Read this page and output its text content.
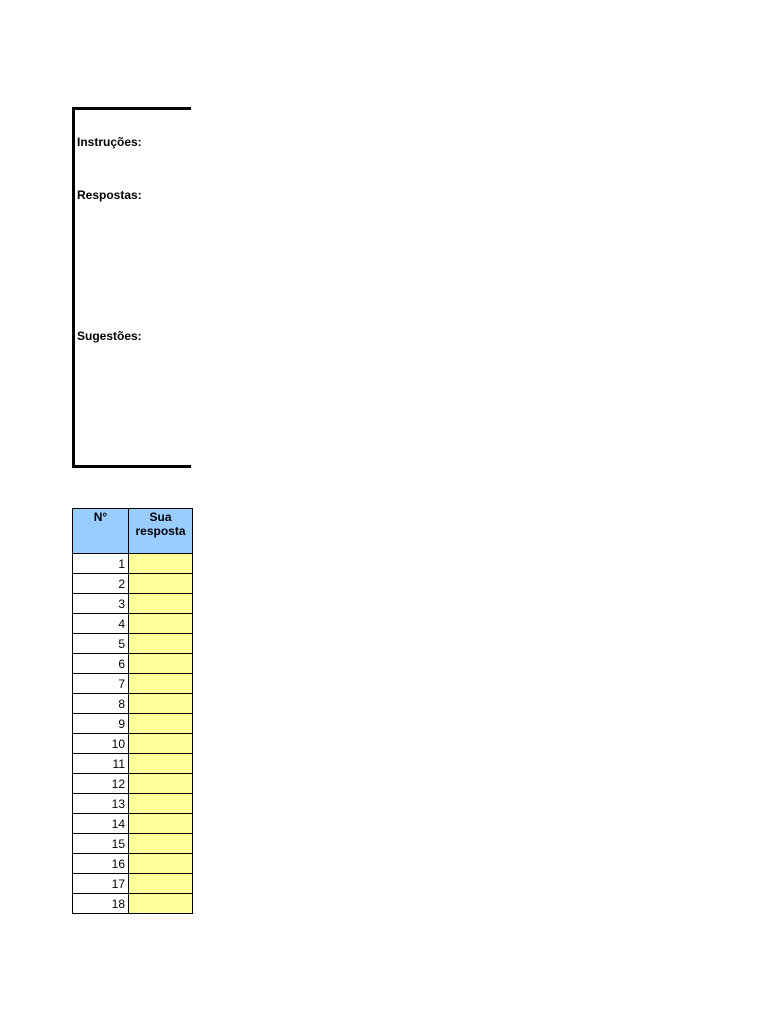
Instruções:
Respostas:
Sugestões:
N°	Sua
resposta
1	
2	
3	
4	
5	
6	
7	
8	
9	
10	
11	
12	
13	
14	
15	
16	
17	
18	
